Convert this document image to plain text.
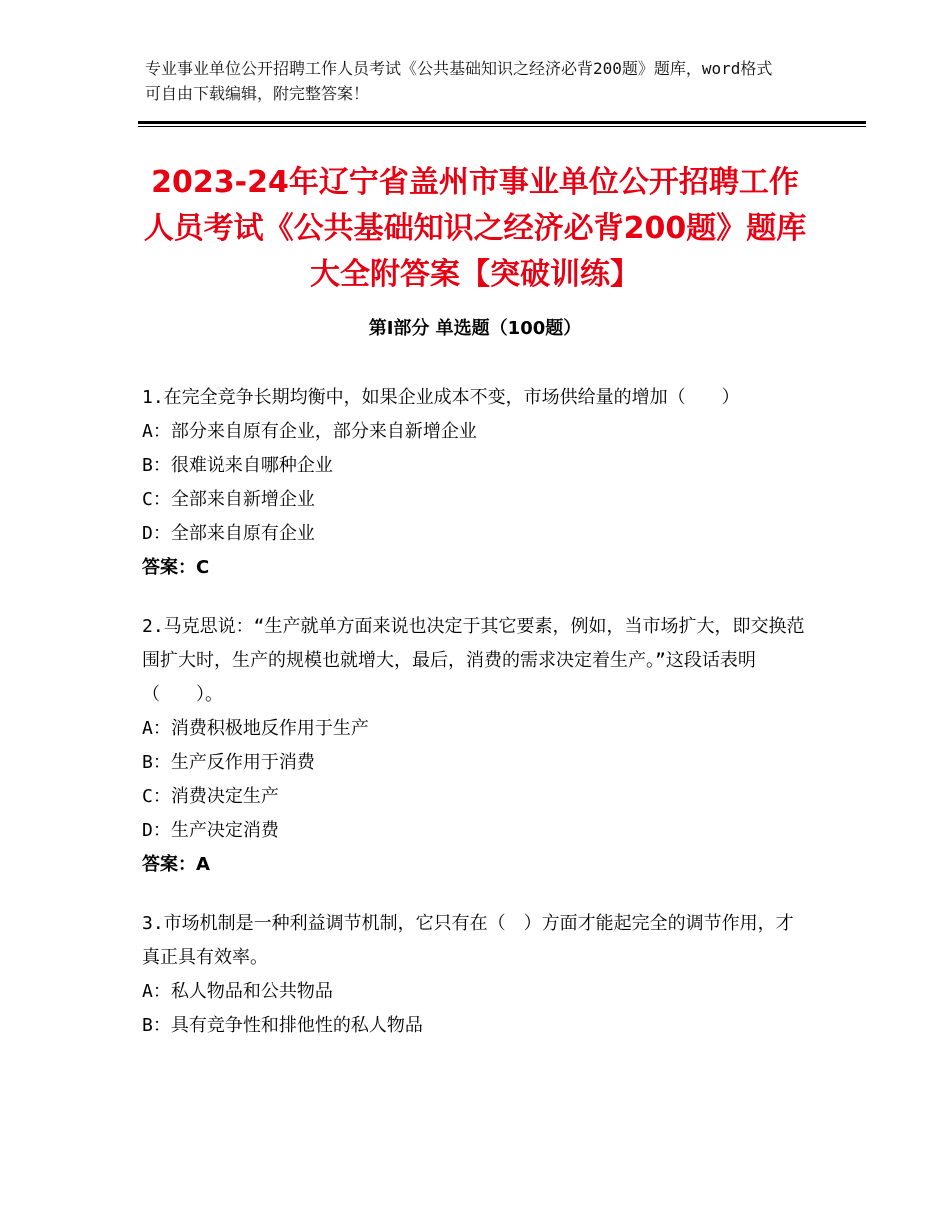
专业事业单位公开招聘工作人员考试《公共基础知识之经济必背200题》题库，word格式可自由下载编辑，附完整答案！
2023-24年辽宁省盖州市事业单位公开招聘工作人员考试《公共基础知识之经济必背200题》题库大全附答案【突破训练】
第Ⅰ部分 单选题（100题）

1.在完全竞争长期均衡中，如果企业成本不变，市场供给量的增加（　　）

A：部分来自原有企业，部分来自新增企业

B：很难说来自哪种企业

C：全部来自新增企业

D：全部来自原有企业

答案：C

2.马克思说：“生产就单方面来说也决定于其它要素，例如，当市场扩大，即交换范围扩大时，生产的规模也就增大，最后，消费的需求决定着生产。”这段话表明（　　）。

A：消费积极地反作用于生产

B：生产反作用于消费

C：消费决定生产

D：生产决定消费

答案：A

3.市场机制是一种利益调节机制，它只有在（　）方面才能起完全的调节作用，才真正具有效率。

A：私人物品和公共物品

B：具有竞争性和排他性的私人物品
